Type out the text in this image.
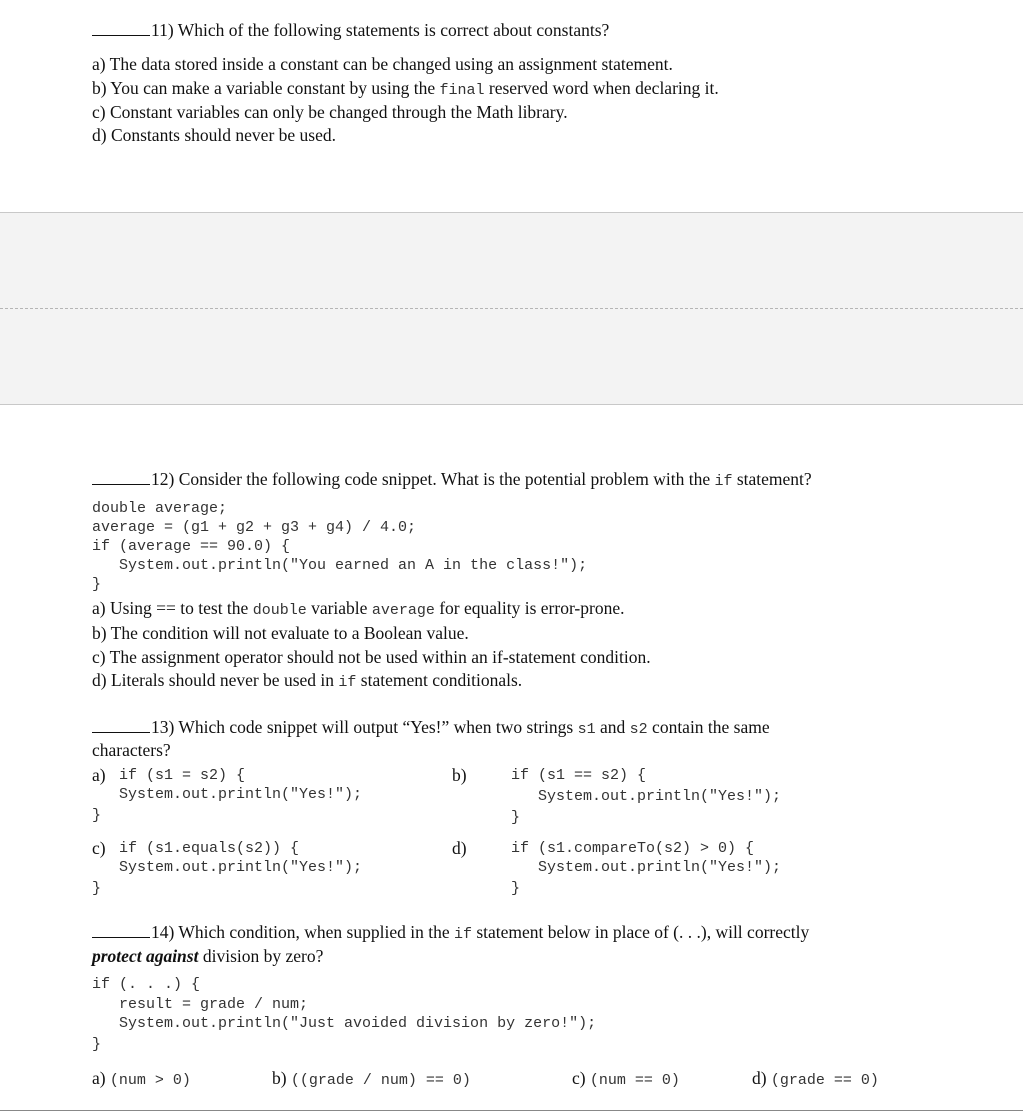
11) Which of the following statements is correct about constants?
a) The data stored inside a constant can be changed using an assignment statement.
b) You can make a variable constant by using the final reserved word when declaring it.
c) Constant variables can only be changed through the Math library.
d) Constants should never be used.
12) Consider the following code snippet. What is the potential problem with the if statement?
double average;
average = (g1 + g2 + g3 + g4) / 4.0;
if (average == 90.0) {
System.out.println("You earned an A in the class!");
}
a) Using == to test the double variable average for equality is error-prone.
b) The condition will not evaluate to a Boolean value.
c) The assignment operator should not be used within an if-statement condition.
d) Literals should never be used in if statement conditionals.
13) Which code snippet will output “Yes!” when two strings s1 and s2 contain the same
characters?
a) if (s1 = s2) {
System.out.println("Yes!");
}
b)	if (s1 == s2) {
System.out.println("Yes!");
}
c) if (s1.equals(s2)) {
System.out.println("Yes!");
}
d)	if (s1.compareTo(s2) > 0) {
System.out.println("Yes!");
}
14) Which condition, when supplied in the if statement below in place of (. . .), will correctly
protect against division by zero?
if (. . .) {
result = grade / num;
System.out.println("Just avoided division by zero!");
}
a) (num > 0)	b) ((grade / num) == 0)	c) (num == 0)	d) (grade == 0)
